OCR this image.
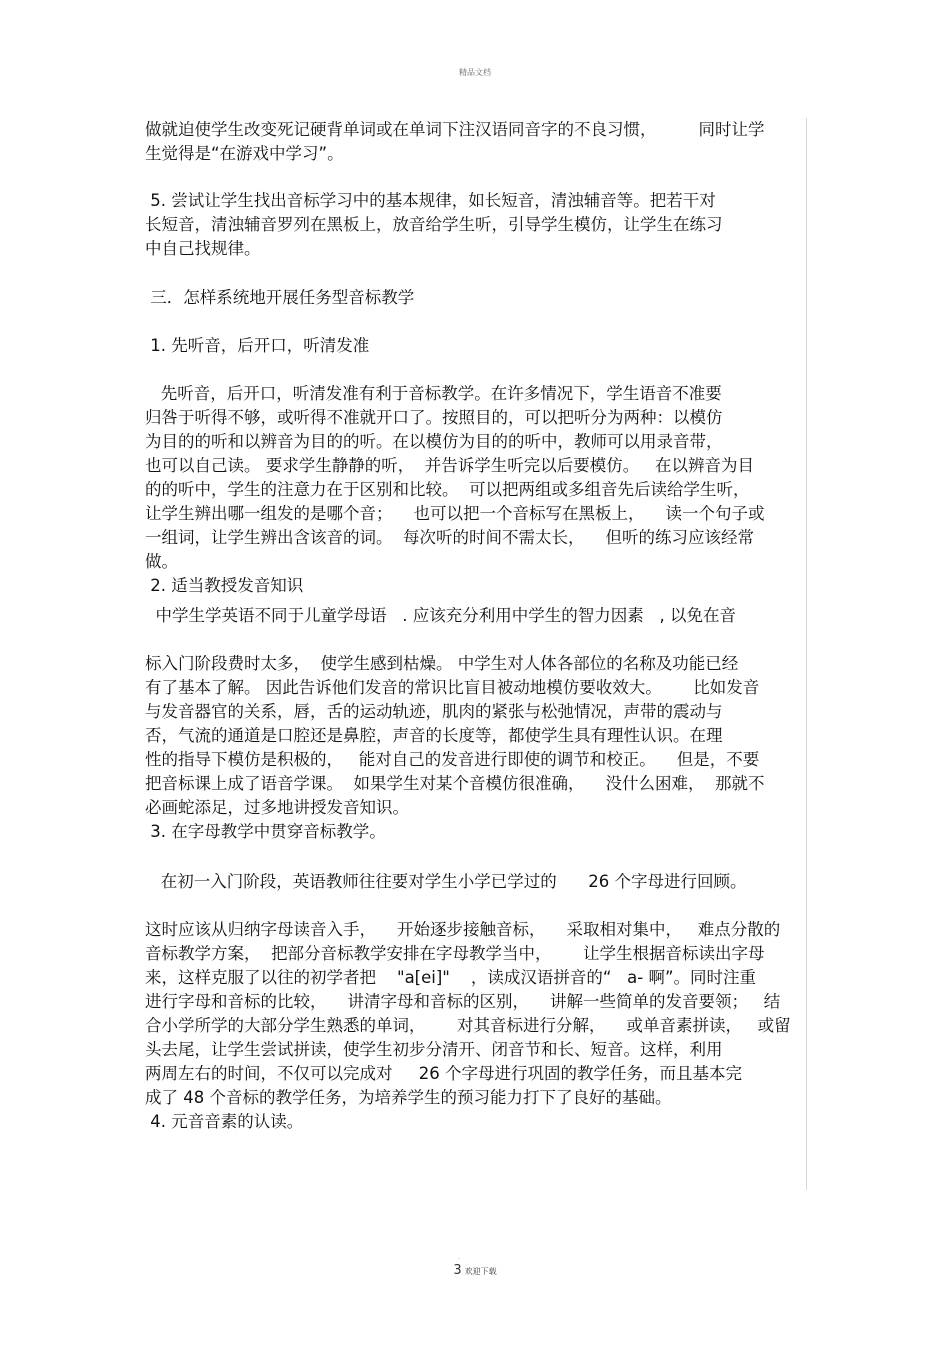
精品文档
做就迫使学生改变死记硬背单词或在单词下注汉语同音字的不良习惯，        同时让学
生觉得是“在游戏中学习”。
5. 尝试让学生找出音标学习中的基本规律，如长短音，清浊辅音等。把若干对
长短音，清浊辅音罗列在黑板上，放音给学生听，引导学生模仿，让学生在练习
中自己找规律。
三．怎样系统地开展任务型音标教学
1. 先听音，后开口，听清发准
先听音，后开口，听清发准有利于音标教学。在许多情况下，学生语音不准要
归咎于听得不够，或听得不准就开口了。按照目的，可以把听分为两种：以模仿
为目的的听和以辨音为目的的听。在以模仿为目的的听中，教师可以用录音带，
也可以自己读。 要求学生静静的听，  并告诉学生听完以后要模仿。   在以辨音为目
的的听中，学生的注意力在于区别和比较。  可以把两组或多组音先后读给学生听，
让学生辨出哪一组发的是哪个音；    也可以把一个音标写在黑板上，    读一个句子或
一组词，让学生辨出含该音的词。  每次听的时间不需太长，    但听的练习应该经常
做。
2. 适当教授发音知识
中学生学英语不同于儿童学母语   . 应该充分利用中学生的智力因素   , 以免在音
标入门阶段费时太多，  使学生感到枯燥。 中学生对人体各部位的名称及功能已经
有了基本了解。 因此告诉他们发音的常识比盲目被动地模仿要收效大。      比如发音
与发音器官的关系，唇，舌的运动轨迹，肌肉的紧张与松弛情况，声带的震动与
否，气流的通道是口腔还是鼻腔，声音的长度等，都使学生具有理性认识。在理
性的指导下模仿是积极的，   能对自己的发音进行即使的调节和校正。    但是，不要
把音标课上成了语音学课。  如果学生对某个音模仿很准确，    没什么困难，  那就不
必画蛇添足，过多地讲授发音知识。
3. 在字母教学中贯穿音标教学。
在初一入门阶段，英语教师往往要对学生小学已学过的      26 个字母进行回顾。
这时应该从归纳字母读音入手，    开始逐步接触音标，    采取相对集中，   难点分散的
音标教学方案，  把部分音标教学安排在字母教学当中，      让学生根据音标读出字母
来，这样克服了以往的初学者把    "a[ei]"    ，读成汉语拼音的“   a- 啊”。同时注重
进行字母和音标的比较，    讲清字母和音标的区别，    讲解一些简单的发音要领；   结
合小学所学的大部分学生熟悉的单词，      对其音标进行分解，    或单音素拼读，   或留
头去尾，让学生尝试拼读，使学生初步分清开、闭音节和长、短音。这样，利用
两周左右的时间，不仅可以完成对     26 个字母进行巩固的教学任务，而且基本完
成了 48 个音标的教学任务，为培养学生的预习能力打下了良好的基础。
4. 元音音素的认读。
.
3 欢迎下载
